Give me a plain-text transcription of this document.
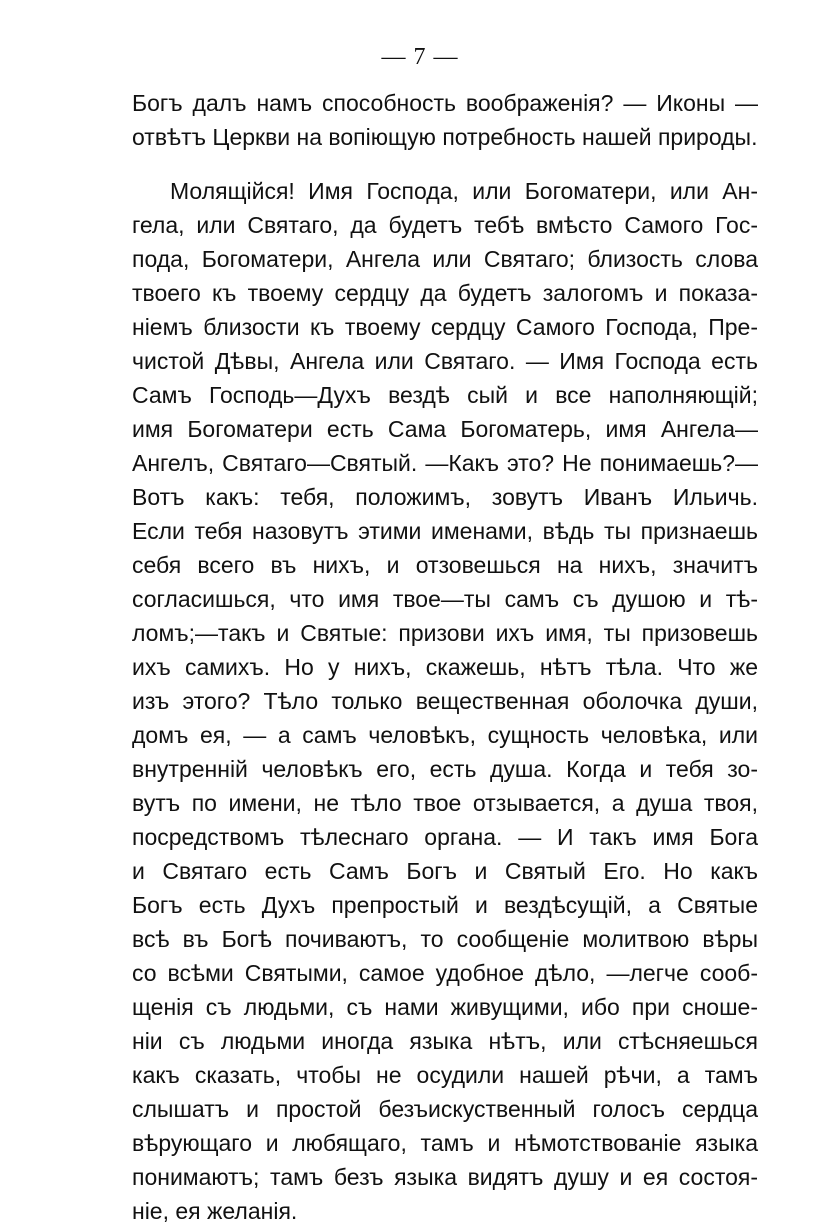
— 7 —
Богъ далъ намъ способность воображенія? — Иконы —
отвѣтъ Церкви на вопіющую потребность нашей природы.
Молящійся! Имя Господа, или Богоматери, или Ан-
гела, или Святаго, да будетъ тебѣ вмѣсто Самого Гос-
пода, Богоматери, Ангела или Святаго; близость слова
твоего къ твоему сердцу да будетъ залогомъ и показа-
ніемъ близости къ твоему сердцу Самого Господа, Пре-
чистой Дѣвы, Ангела или Святаго. — Имя Господа есть
Самъ Господь—Духъ вездѣ сый и все наполняющій;
имя Богоматери есть Сама Богоматерь, имя Ангела—
Ангелъ, Святаго—Святый. —Какъ это? Не понимаешь?—
Вотъ какъ: тебя, положимъ, зовутъ Иванъ Ильичь.
Если тебя назовутъ этими именами, вѣдь ты признаешь
себя всего въ нихъ, и отзовешься на нихъ, значитъ
согласишься, что имя твое—ты самъ съ душою и тѣ-
ломъ;—такъ и Святые: призови ихъ имя, ты призовешь
ихъ самихъ. Но у нихъ, скажешь, нѣтъ тѣла. Что же
изъ этого? Тѣло только вещественная оболочка души,
домъ ея, — а самъ человѣкъ, сущность человѣка, или
внутренній человѣкъ его, есть душа. Когда и тебя зо-
вутъ по имени, не тѣло твое отзывается, а душа твоя,
посредствомъ тѣлеснаго органа. — И такъ имя Бога
и Святаго есть Самъ Богъ и Святый Его. Но какъ
Богъ есть Духъ препростый и вездѣсущій, а Святые
всѣ въ Богѣ почиваютъ, то сообщеніе молитвою вѣры
со всѣми Святыми, самое удобное дѣло, —легче сооб-
щенія съ людьми, съ нами живущими, ибо при сноше-
ніи съ людьми иногда языка нѣтъ, или стѣсняешься
какъ сказать, чтобы не осудили нашей рѣчи, а тамъ
слышатъ и простой безъискуственный голосъ сердца
вѣрующаго и любящаго, тамъ и нѣмотствованіе языка
понимаютъ; тамъ безъ языка видятъ душу и ея состоя-
ніе, ея желанія.
